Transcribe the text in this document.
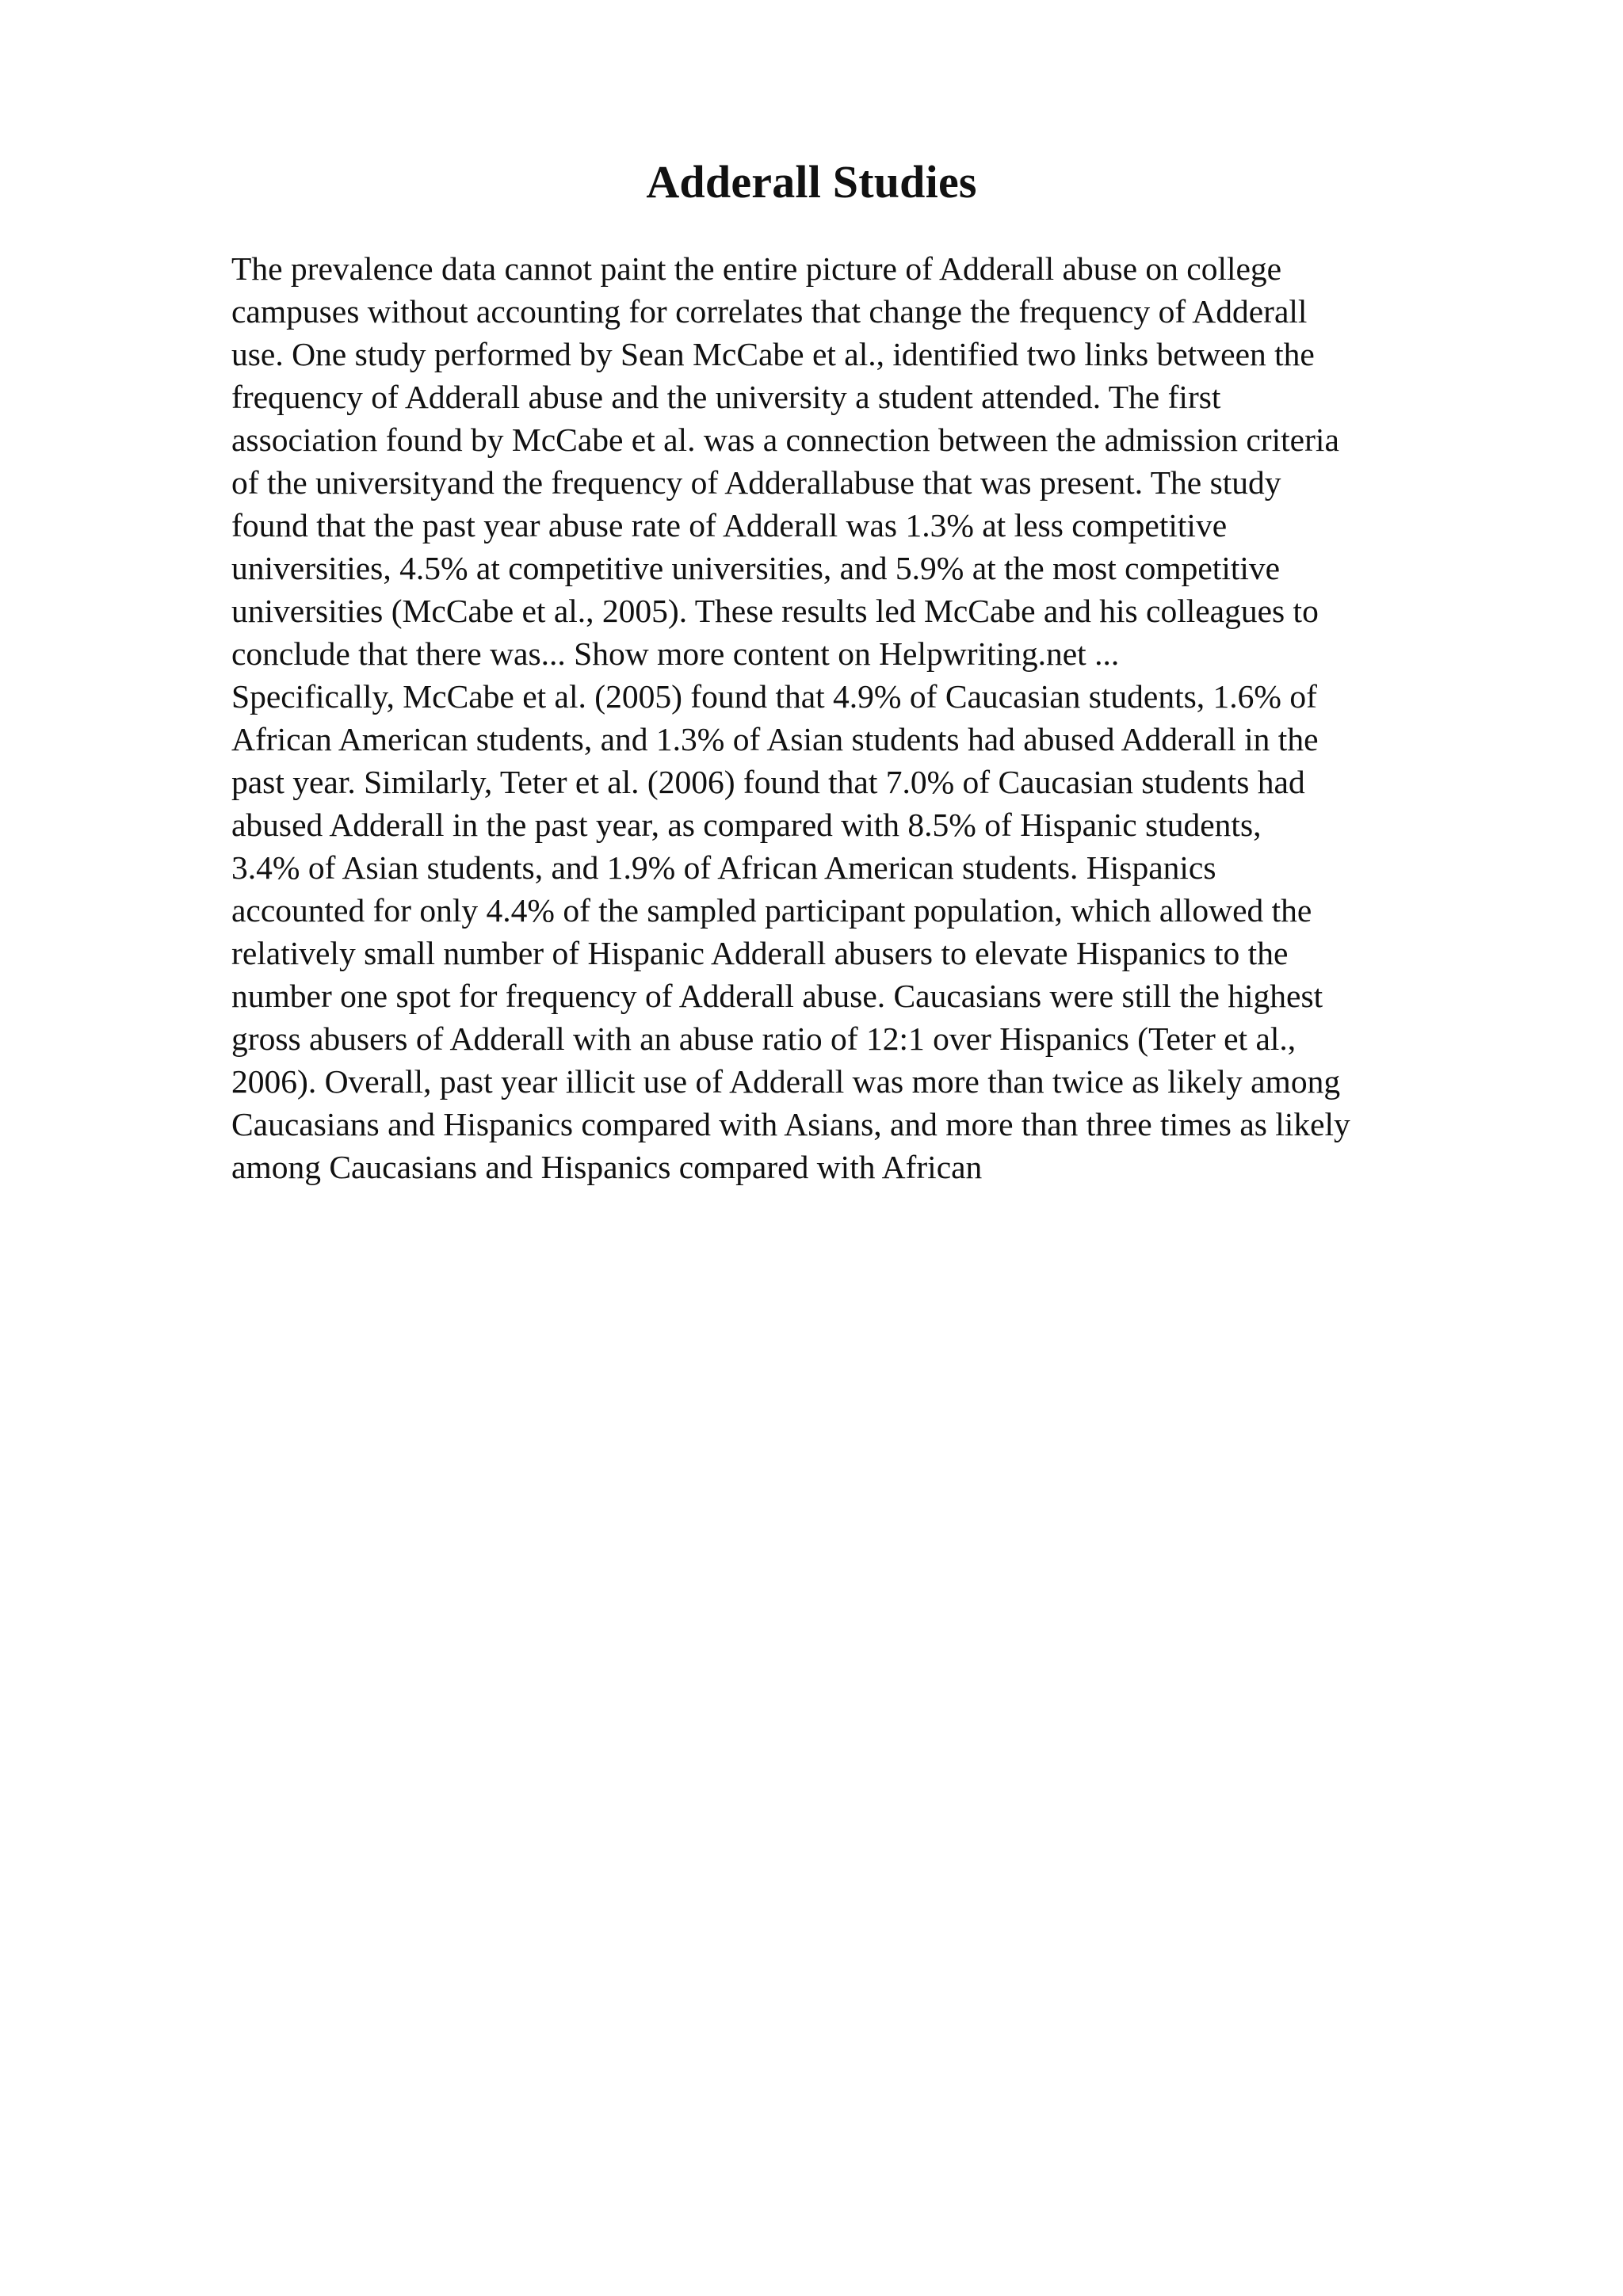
Adderall Studies
The prevalence data cannot paint the entire picture of Adderall abuse on college
campuses without accounting for correlates that change the frequency of Adderall
use. One study performed by Sean McCabe et al., identified two links between the
frequency of Adderall abuse and the university a student attended. The first
association found by McCabe et al. was a connection between the admission criteria
of the universityand the frequency of Adderallabuse that was present. The study
found that the past year abuse rate of Adderall was 1.3% at less competitive
universities, 4.5% at competitive universities, and 5.9% at the most competitive
universities (McCabe et al., 2005). These results led McCabe and his colleagues to
conclude that there was... Show more content on Helpwriting.net ...
Specifically, McCabe et al. (2005) found that 4.9% of Caucasian students, 1.6% of
African American students, and 1.3% of Asian students had abused Adderall in the
past year. Similarly, Teter et al. (2006) found that 7.0% of Caucasian students had
abused Adderall in the past year, as compared with 8.5% of Hispanic students,
3.4% of Asian students, and 1.9% of African American students. Hispanics
accounted for only 4.4% of the sampled participant population, which allowed the
relatively small number of Hispanic Adderall abusers to elevate Hispanics to the
number one spot for frequency of Adderall abuse. Caucasians were still the highest
gross abusers of Adderall with an abuse ratio of 12:1 over Hispanics (Teter et al.,
2006). Overall, past year illicit use of Adderall was more than twice as likely among
Caucasians and Hispanics compared with Asians, and more than three times as likely
among Caucasians and Hispanics compared with African
